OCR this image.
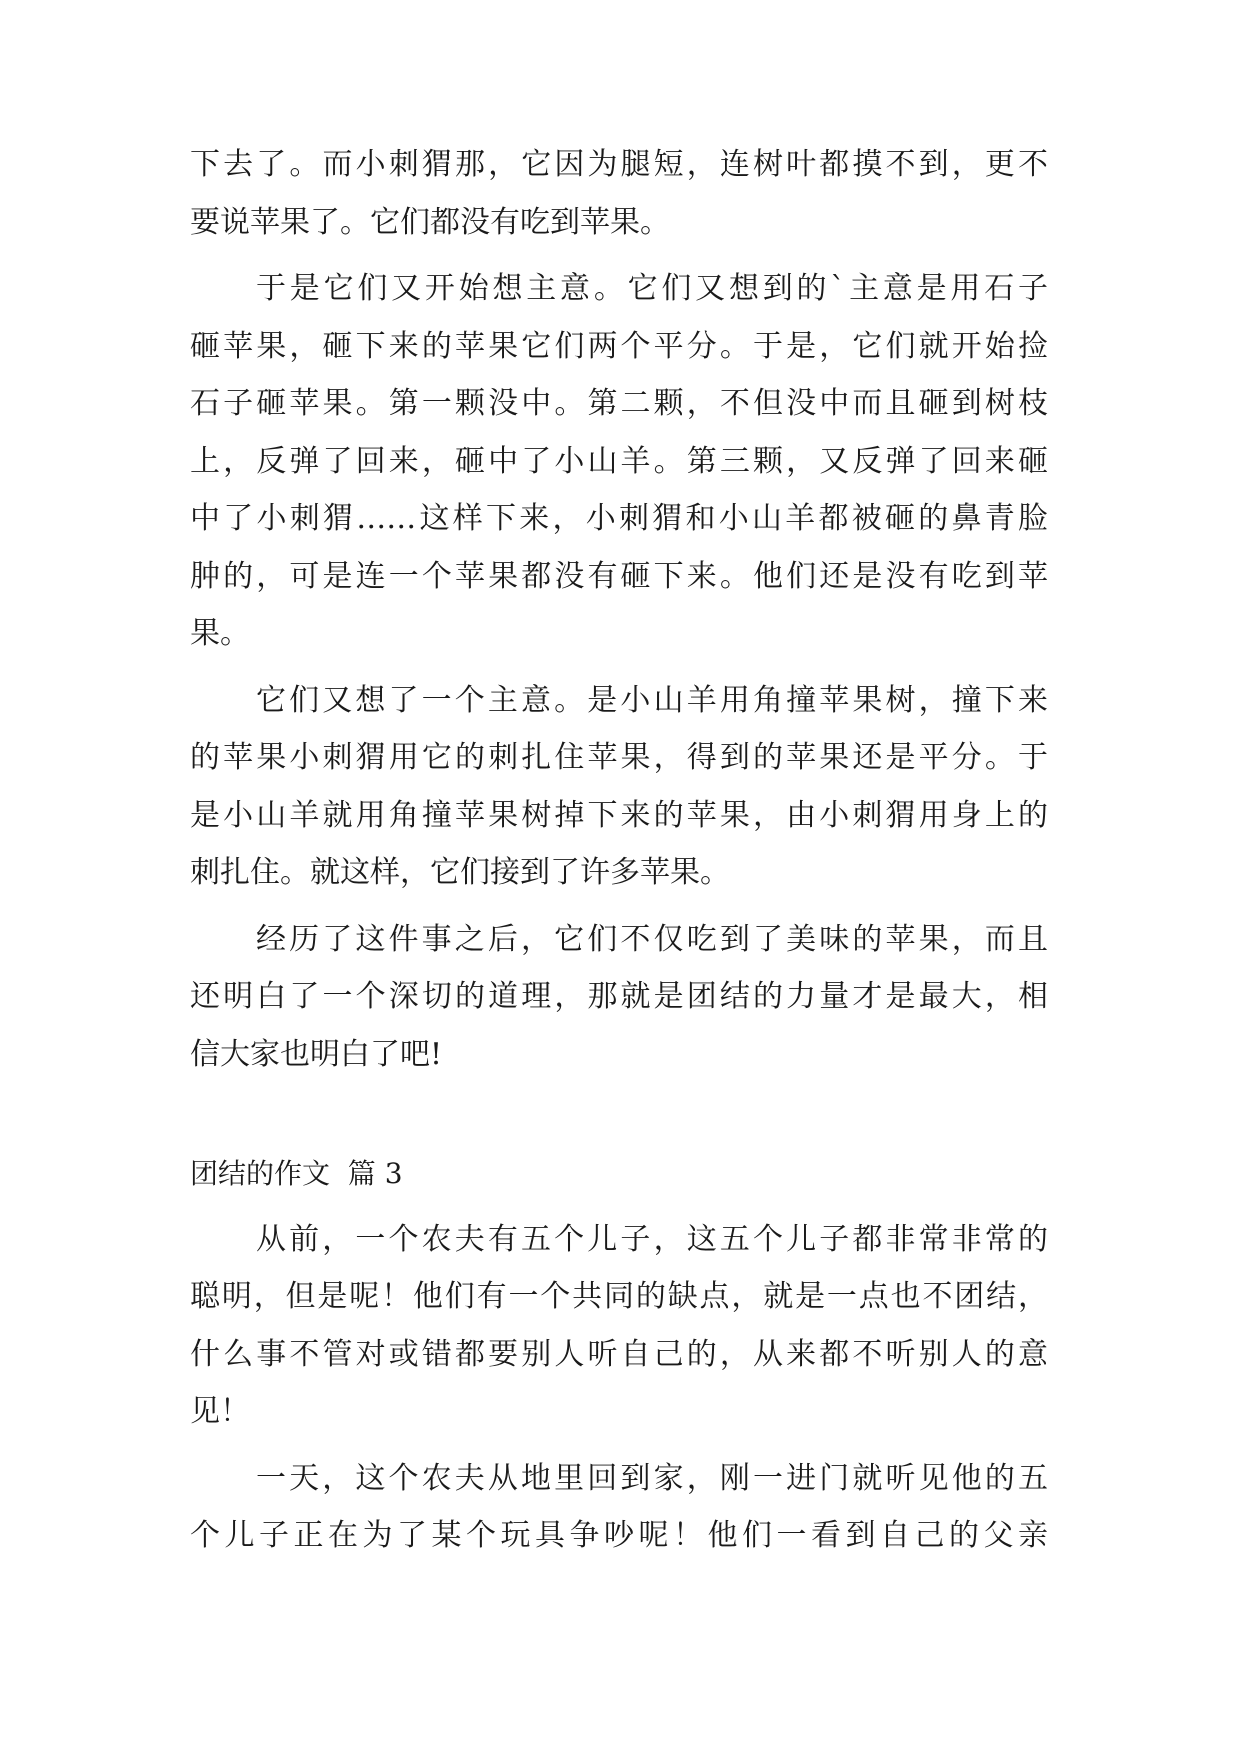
下去了。而小刺猬那，它因为腿短，连树叶都摸不到，更不
要说苹果了。它们都没有吃到苹果。

于是它们又开始想主意。它们又想到的`主意是用石子
砸苹果，砸下来的苹果它们两个平分。于是，它们就开始捡
石子砸苹果。第一颗没中。第二颗，不但没中而且砸到树枝
上，反弹了回来，砸中了小山羊。第三颗，又反弹了回来砸
中了小刺猬……这样下来，小刺猬和小山羊都被砸的鼻青脸
肿的，可是连一个苹果都没有砸下来。他们还是没有吃到苹
果。

它们又想了一个主意。是小山羊用角撞苹果树，撞下来
的苹果小刺猬用它的刺扎住苹果，得到的苹果还是平分。于
是小山羊就用角撞苹果树掉下来的苹果，由小刺猬用身上的
刺扎住。就这样，它们接到了许多苹果。

经历了这件事之后，它们不仅吃到了美味的苹果，而且
还明白了一个深切的道理，那就是团结的力量才是最大，相
信大家也明白了吧!

团结的作文  篇 3

从前，一个农夫有五个儿子，这五个儿子都非常非常的
聪明，但是呢！他们有一个共同的缺点，就是一点也不团结，
什么事不管对或错都要别人听自己的，从来都不听别人的意
见！

一天，这个农夫从地里回到家，刚一进门就听见他的五
个儿子正在为了某个玩具争吵呢！他们一看到自己的父亲
